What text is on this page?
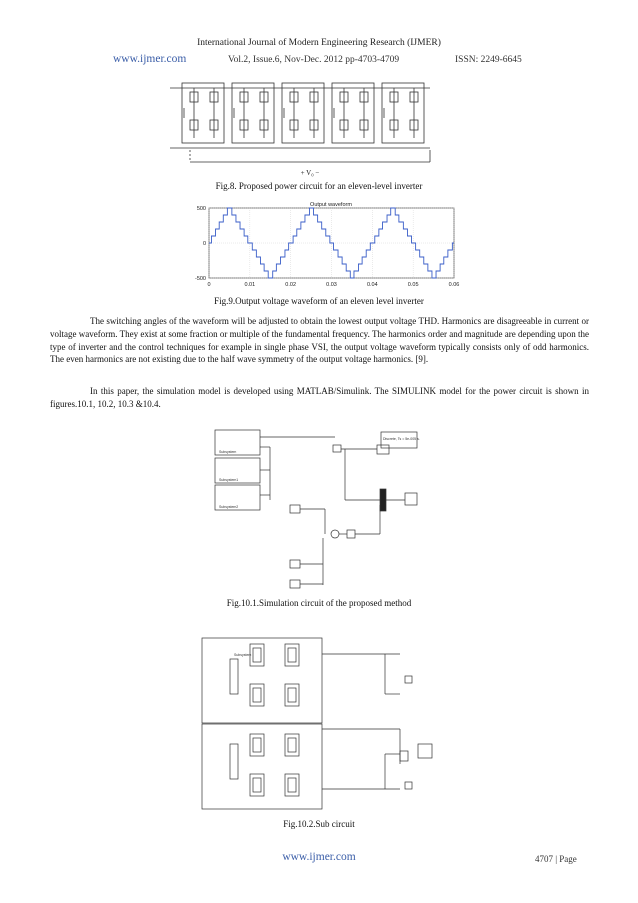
International Journal of Modern Engineering Research (IJMER)
www.ijmer.com	Vol.2, Issue.6, Nov-Dec. 2012 pp-4703-4709	ISSN: 2249-6645
+ V₀ −
Fig.8. Proposed power circuit for an eleven-level inverter
Output waveform
500
0
-500
0	0.01	0.02	0.03	0.04	0.05	0.06
Fig.9.Output voltage waveform of an eleven level inverter

The switching angles of the waveform will be adjusted to obtain the lowest output voltage THD. Harmonics are disagreeable in current or voltage waveform. They exist at some fraction or multiple of the fundamental frequency. The harmonics order and magnitude are depending upon the type of inverter and the control techniques for example in single phase VSI, the output voltage waveform typically consists only of odd harmonics. The even harmonics are not existing due to the half wave symmetry of the output voltage harmonics. [9].

In this paper, the simulation model is developed using MATLAB/Simulink. The SIMULINK model for the power circuit is shown in figures.10.1, 10.2, 10.3 &10.4.

Subsystem
Subsystem1
Subsystem2
Discrete, Ts = 5e-005 s.
Fig.10.1.Simulation circuit of the proposed method
Subsystem
Fig.10.2.Sub circuit
www.ijmer.com	4707 | Page
